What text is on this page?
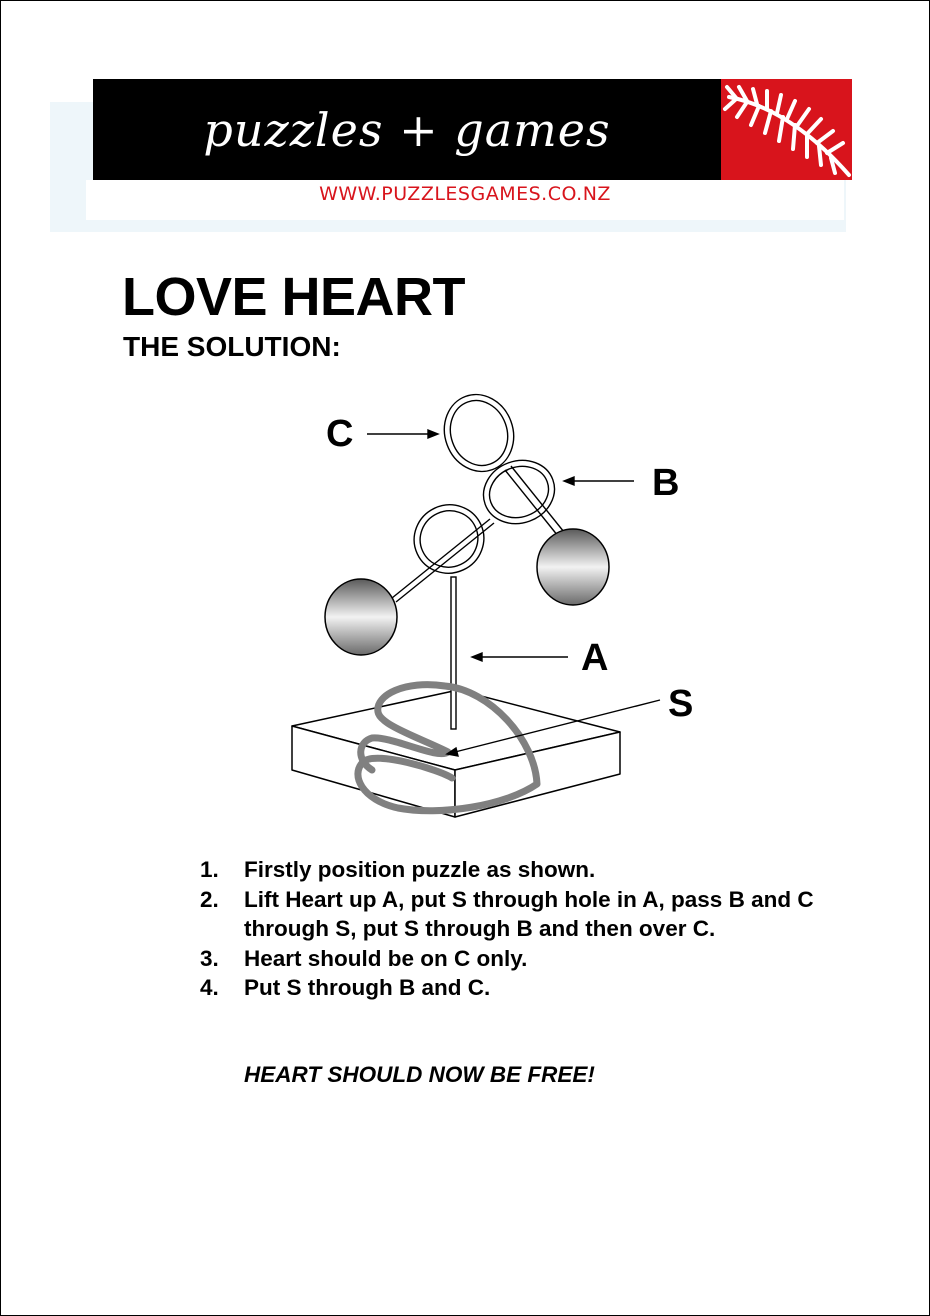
puzzles + games
WWW.PUZZLESGAMES.CO.NZ
LOVE HEART
THE SOLUTION:
C
B
A
S
1.	Firstly position puzzle as shown.
2.	Lift Heart up A, put S through hole in A, pass B and C through S, put S through B and then over C.
3.	Heart should be on C only.
4.	Put S through B and C.
HEART SHOULD NOW BE FREE!
